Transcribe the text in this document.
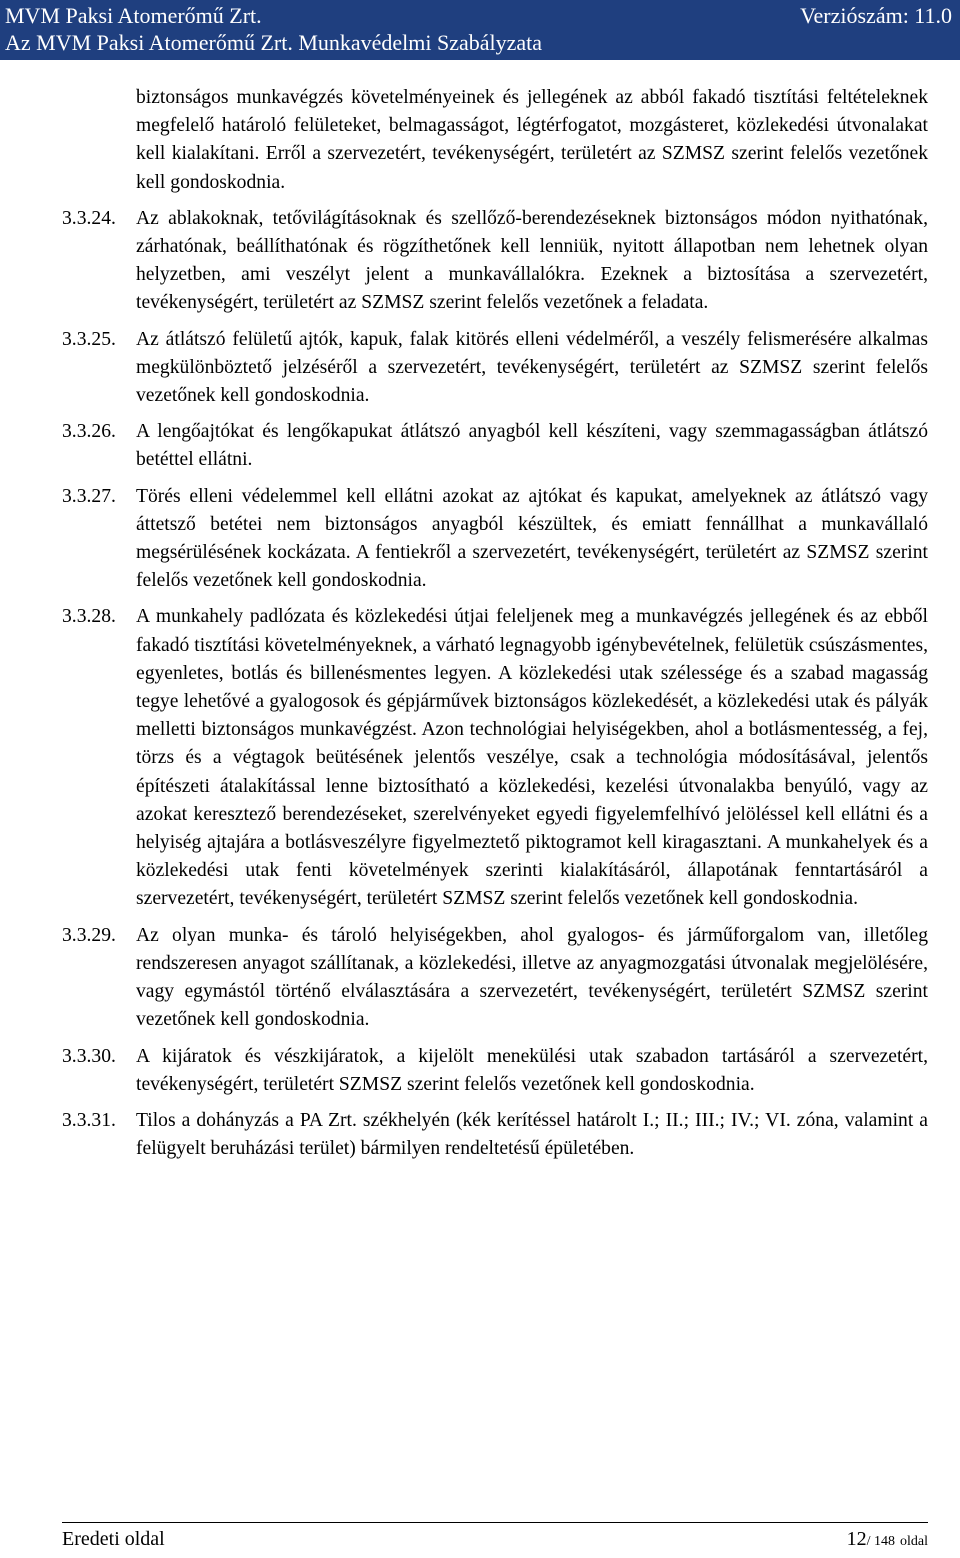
MVM Paksi Atomerőmű Zrt.	Verziószám: 11.0
Az MVM Paksi Atomerőmű Zrt. Munkavédelmi Szabályzata
biztonságos munkavégzés követelményeinek és jellegének az abból fakadó tisztítási feltételeknek megfelelő határoló felületeket, belmagasságot, légtérfogatot, mozgásteret, közlekedési útvonalakat kell kialakítani. Erről a szervezetért, tevékenységért, területért az SZMSZ szerint felelős vezetőnek kell gondoskodnia.
3.3.24.	Az ablakoknak, tetővilágításoknak és szellőző-berendezéseknek biztonságos módon nyithatónak, zárhatónak, beállíthatónak és rögzíthetőnek kell lenniük, nyitott állapotban nem lehetnek olyan helyzetben, ami veszélyt jelent a munkavállalókra. Ezeknek a biztosítása a szervezetért, tevékenységért, területért az SZMSZ szerint felelős vezetőnek a feladata.
3.3.25.	Az átlátszó felületű ajtók, kapuk, falak kitörés elleni védelméről, a veszély felismerésére alkalmas megkülönböztető jelzéséről a szervezetért, tevékenységért, területért az SZMSZ szerint felelős vezetőnek kell gondoskodnia.
3.3.26.	A lengőajtókat és lengőkapukat átlátszó anyagból kell készíteni, vagy szemmagasságban átlátszó betéttel ellátni.
3.3.27.	Törés elleni védelemmel kell ellátni azokat az ajtókat és kapukat, amelyeknek az átlátszó vagy áttetsző betétei nem biztonságos anyagból készültek, és emiatt fennállhat a munkavállaló megsérülésének kockázata. A fentiekről a szervezetért, tevékenységért, területért az SZMSZ szerint felelős vezetőnek kell gondoskodnia.
3.3.28.	A munkahely padlózata és közlekedési útjai feleljenek meg a munkavégzés jellegének és az ebből fakadó tisztítási követelményeknek, a várható legnagyobb igénybevételnek, felületük csúszásmentes, egyenletes, botlás és billenésmentes legyen. A közlekedési utak szélessége és a szabad magasság tegye lehetővé a gyalogosok és gépjárművek biztonságos közlekedését, a közlekedési utak és pályák melletti biztonságos munkavégzést. Azon technológiai helyiségekben, ahol a botlásmentesség, a fej, törzs és a végtagok beütésének jelentős veszélye, csak a technológia módosításával, jelentős építészeti átalakítással lenne biztosítható a közlekedési, kezelési útvonalakba benyúló, vagy az azokat keresztező berendezéseket, szerelvényeket egyedi figyelemfelhívó jelöléssel kell ellátni és a helyiség ajtajára a botlásveszélyre figyelmeztető piktogramot kell kiragasztani. A munkahelyek és a közlekedési utak fenti követelmények szerinti kialakításáról, állapotának fenntartásáról a szervezetért, tevékenységért, területért SZMSZ szerint felelős vezetőnek kell gondoskodnia.
3.3.29.	Az olyan munka- és tároló helyiségekben, ahol gyalogos- és járműforgalom van, illetőleg rendszeresen anyagot szállítanak, a közlekedési, illetve az anyagmozgatási útvonalak megjelölésére, vagy egymástól történő elválasztására a szervezetért, tevékenységért, területért SZMSZ szerint vezetőnek kell gondoskodnia.
3.3.30.	A kijáratok és vészkijáratok, a kijelölt menekülési utak szabadon tartásáról a szervezetért, tevékenységért, területért SZMSZ szerint felelős vezetőnek kell gondoskodnia.
3.3.31.	Tilos a dohányzás a PA Zrt. székhelyén (kék kerítéssel határolt I.; II.; III.; IV.; VI. zóna, valamint a felügyelt beruházási terület) bármilyen rendeltetésű épületében.
Eredeti oldal	12/ 148 oldal
